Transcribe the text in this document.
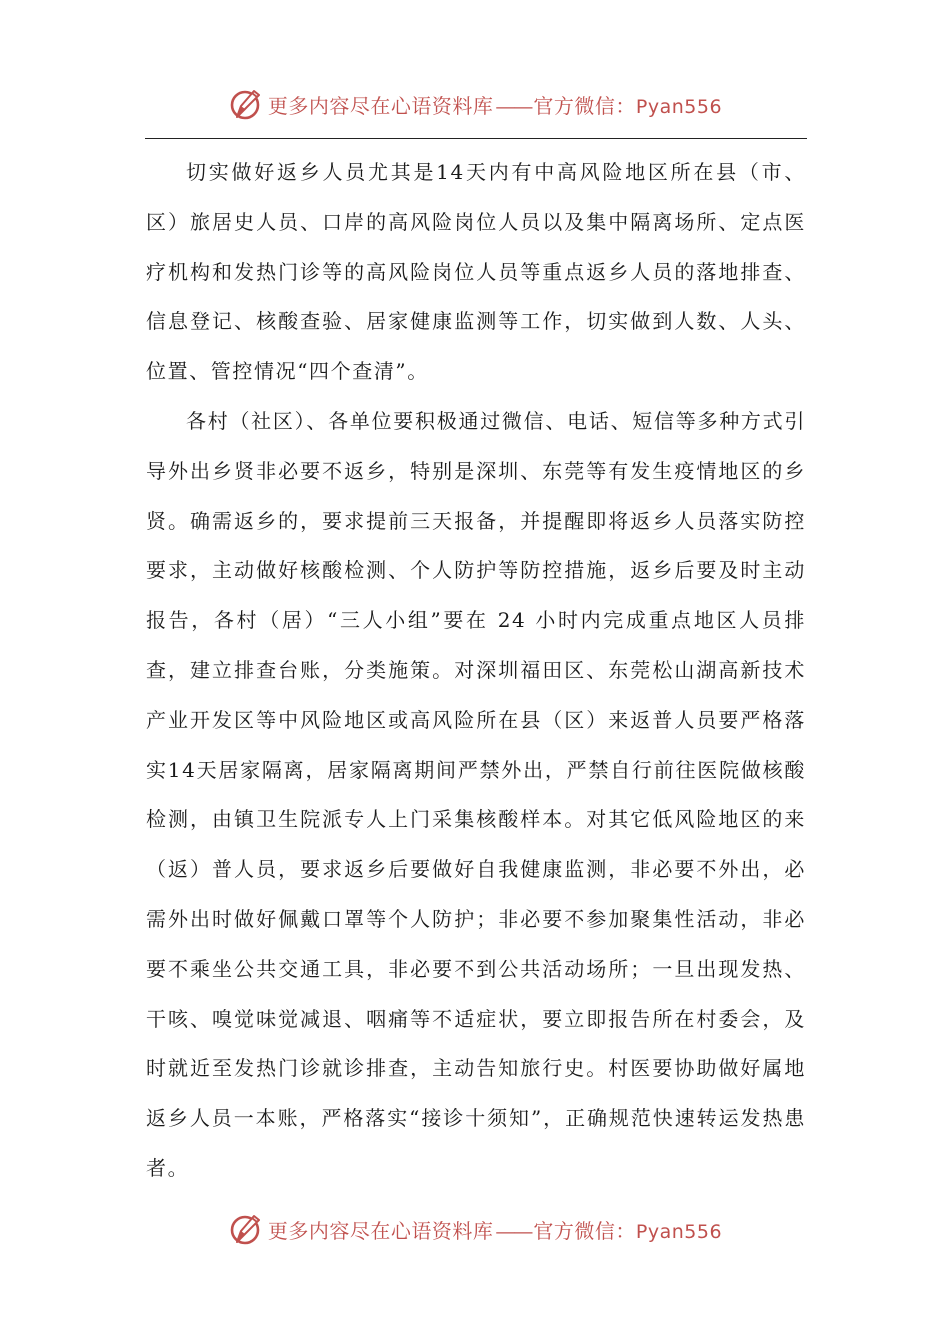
更多内容尽在心语资料库 —— 官方微信：Pyan556

切实做好返乡人员尤其是14天内有中高风险地区所在县（市、区）旅居史人员、口岸的高风险岗位人员以及集中隔离场所、定点医疗机构和发热门诊等的高风险岗位人员等重点返乡人员的落地排查、信息登记、核酸查验、居家健康监测等工作，切实做到人数、人头、位置、管控情况“四个查清”。

各村（社区）、各单位要积极通过微信、电话、短信等多种方式引导外出乡贤非必要不返乡，特别是深圳、东莞等有发生疫情地区的乡贤。确需返乡的，要求提前三天报备，并提醒即将返乡人员落实防控要求，主动做好核酸检测、个人防护等防控措施，返乡后要及时主动报告，各村（居）“三人小组”要在 24 小时内完成重点地区人员排查，建立排查台账，分类施策。对深圳福田区、东莞松山湖高新技术产业开发区等中风险地区或高风险所在县（区）来返普人员要严格落实14天居家隔离，居家隔离期间严禁外出，严禁自行前往医院做核酸检测，由镇卫生院派专人上门采集核酸样本。对其它低风险地区的来（返）普人员，要求返乡后要做好自我健康监测，非必要不外出，必需外出时做好佩戴口罩等个人防护；非必要不参加聚集性活动，非必要不乘坐公共交通工具，非必要不到公共活动场所；一旦出现发热、干咳、嗅觉味觉减退、咽痛等不适症状，要立即报告所在村委会，及时就近至发热门诊就诊排查，主动告知旅行史。村医要协助做好属地返乡人员一本账，严格落实“接诊十须知”，正确规范快速转运发热患者。

更多内容尽在心语资料库 —— 官方微信：Pyan556
